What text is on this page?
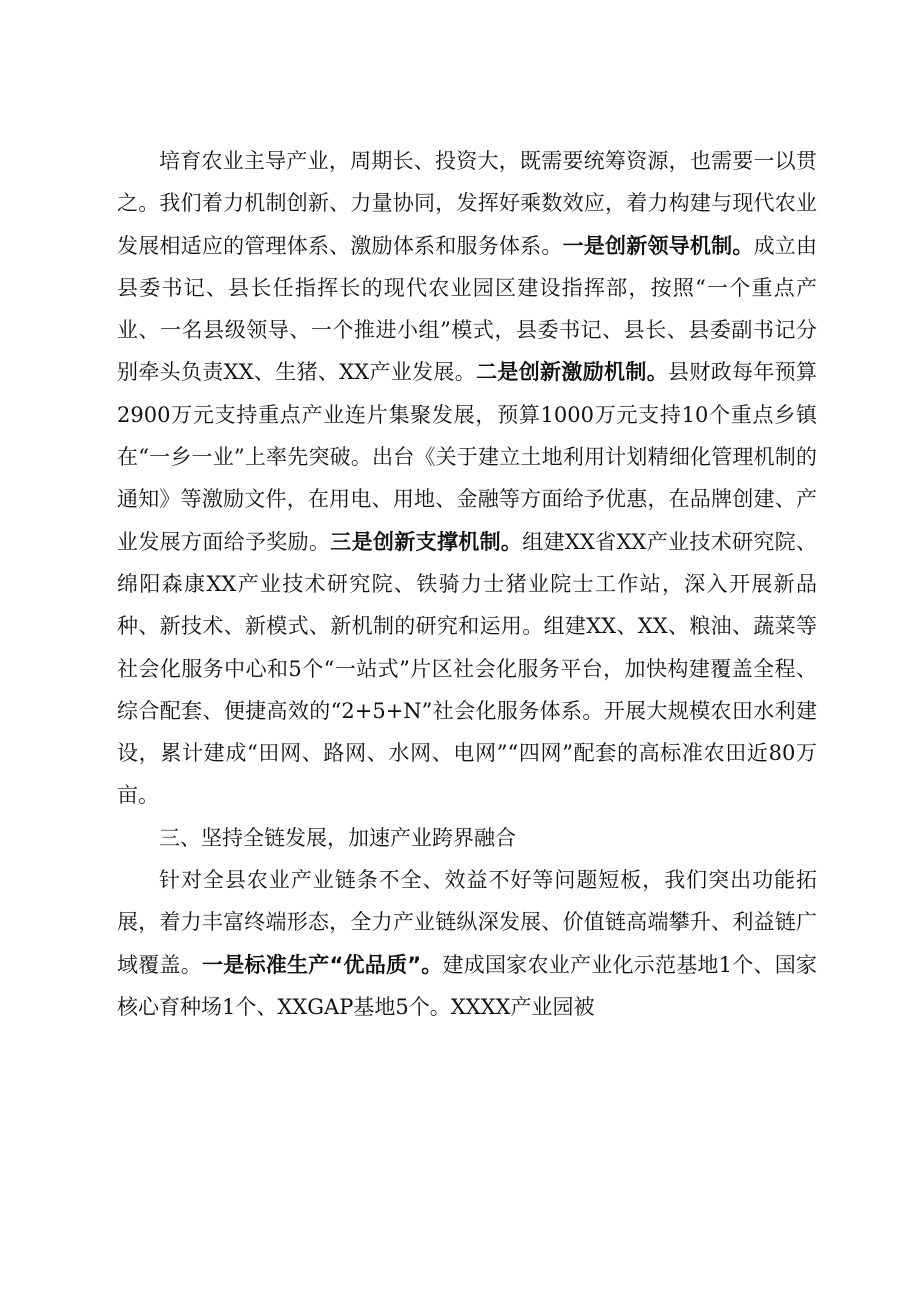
培育农业主导产业，周期长、投资大，既需要统筹资源，也需要一以贯之。我们着力机制创新、力量协同，发挥好乘数效应，着力构建与现代农业发展相适应的管理体系、激励体系和服务体系。一是创新领导机制。成立由县委书记、县长任指挥长的现代农业园区建设指挥部，按照“一个重点产业、一名县级领导、一个推进小组”模式，县委书记、县长、县委副书记分别牵头负责XX、生猪、XX产业发展。二是创新激励机制。县财政每年预算2900万元支持重点产业连片集聚发展，预算1000万元支持10个重点乡镇在“一乡一业”上率先突破。出台《关于建立土地利用计划精细化管理机制的通知》等激励文件，在用电、用地、金融等方面给予优惠，在品牌创建、产业发展方面给予奖励。三是创新支撑机制。组建XX省XX产业技术研究院、绵阳森康XX产业技术研究院、铁骑力士猪业院士工作站，深入开展新品种、新技术、新模式、新机制的研究和运用。组建XX、XX、粮油、蔬菜等社会化服务中心和5个“一站式”片区社会化服务平台，加快构建覆盖全程、综合配套、便捷高效的“2+5+N”社会化服务体系。开展大规模农田水利建设，累计建成“田网、路网、水网、电网”“四网”配套的高标准农田近80万亩。

三、坚持全链发展，加速产业跨界融合

针对全县农业产业链条不全、效益不好等问题短板，我们突出功能拓展，着力丰富终端形态，全力产业链纵深发展、价值链高端攀升、利益链广域覆盖。一是标准生产“优品质”。建成国家农业产业化示范基地1个、国家核心育种场1个、XXGAP基地5个。XXXX产业园被
